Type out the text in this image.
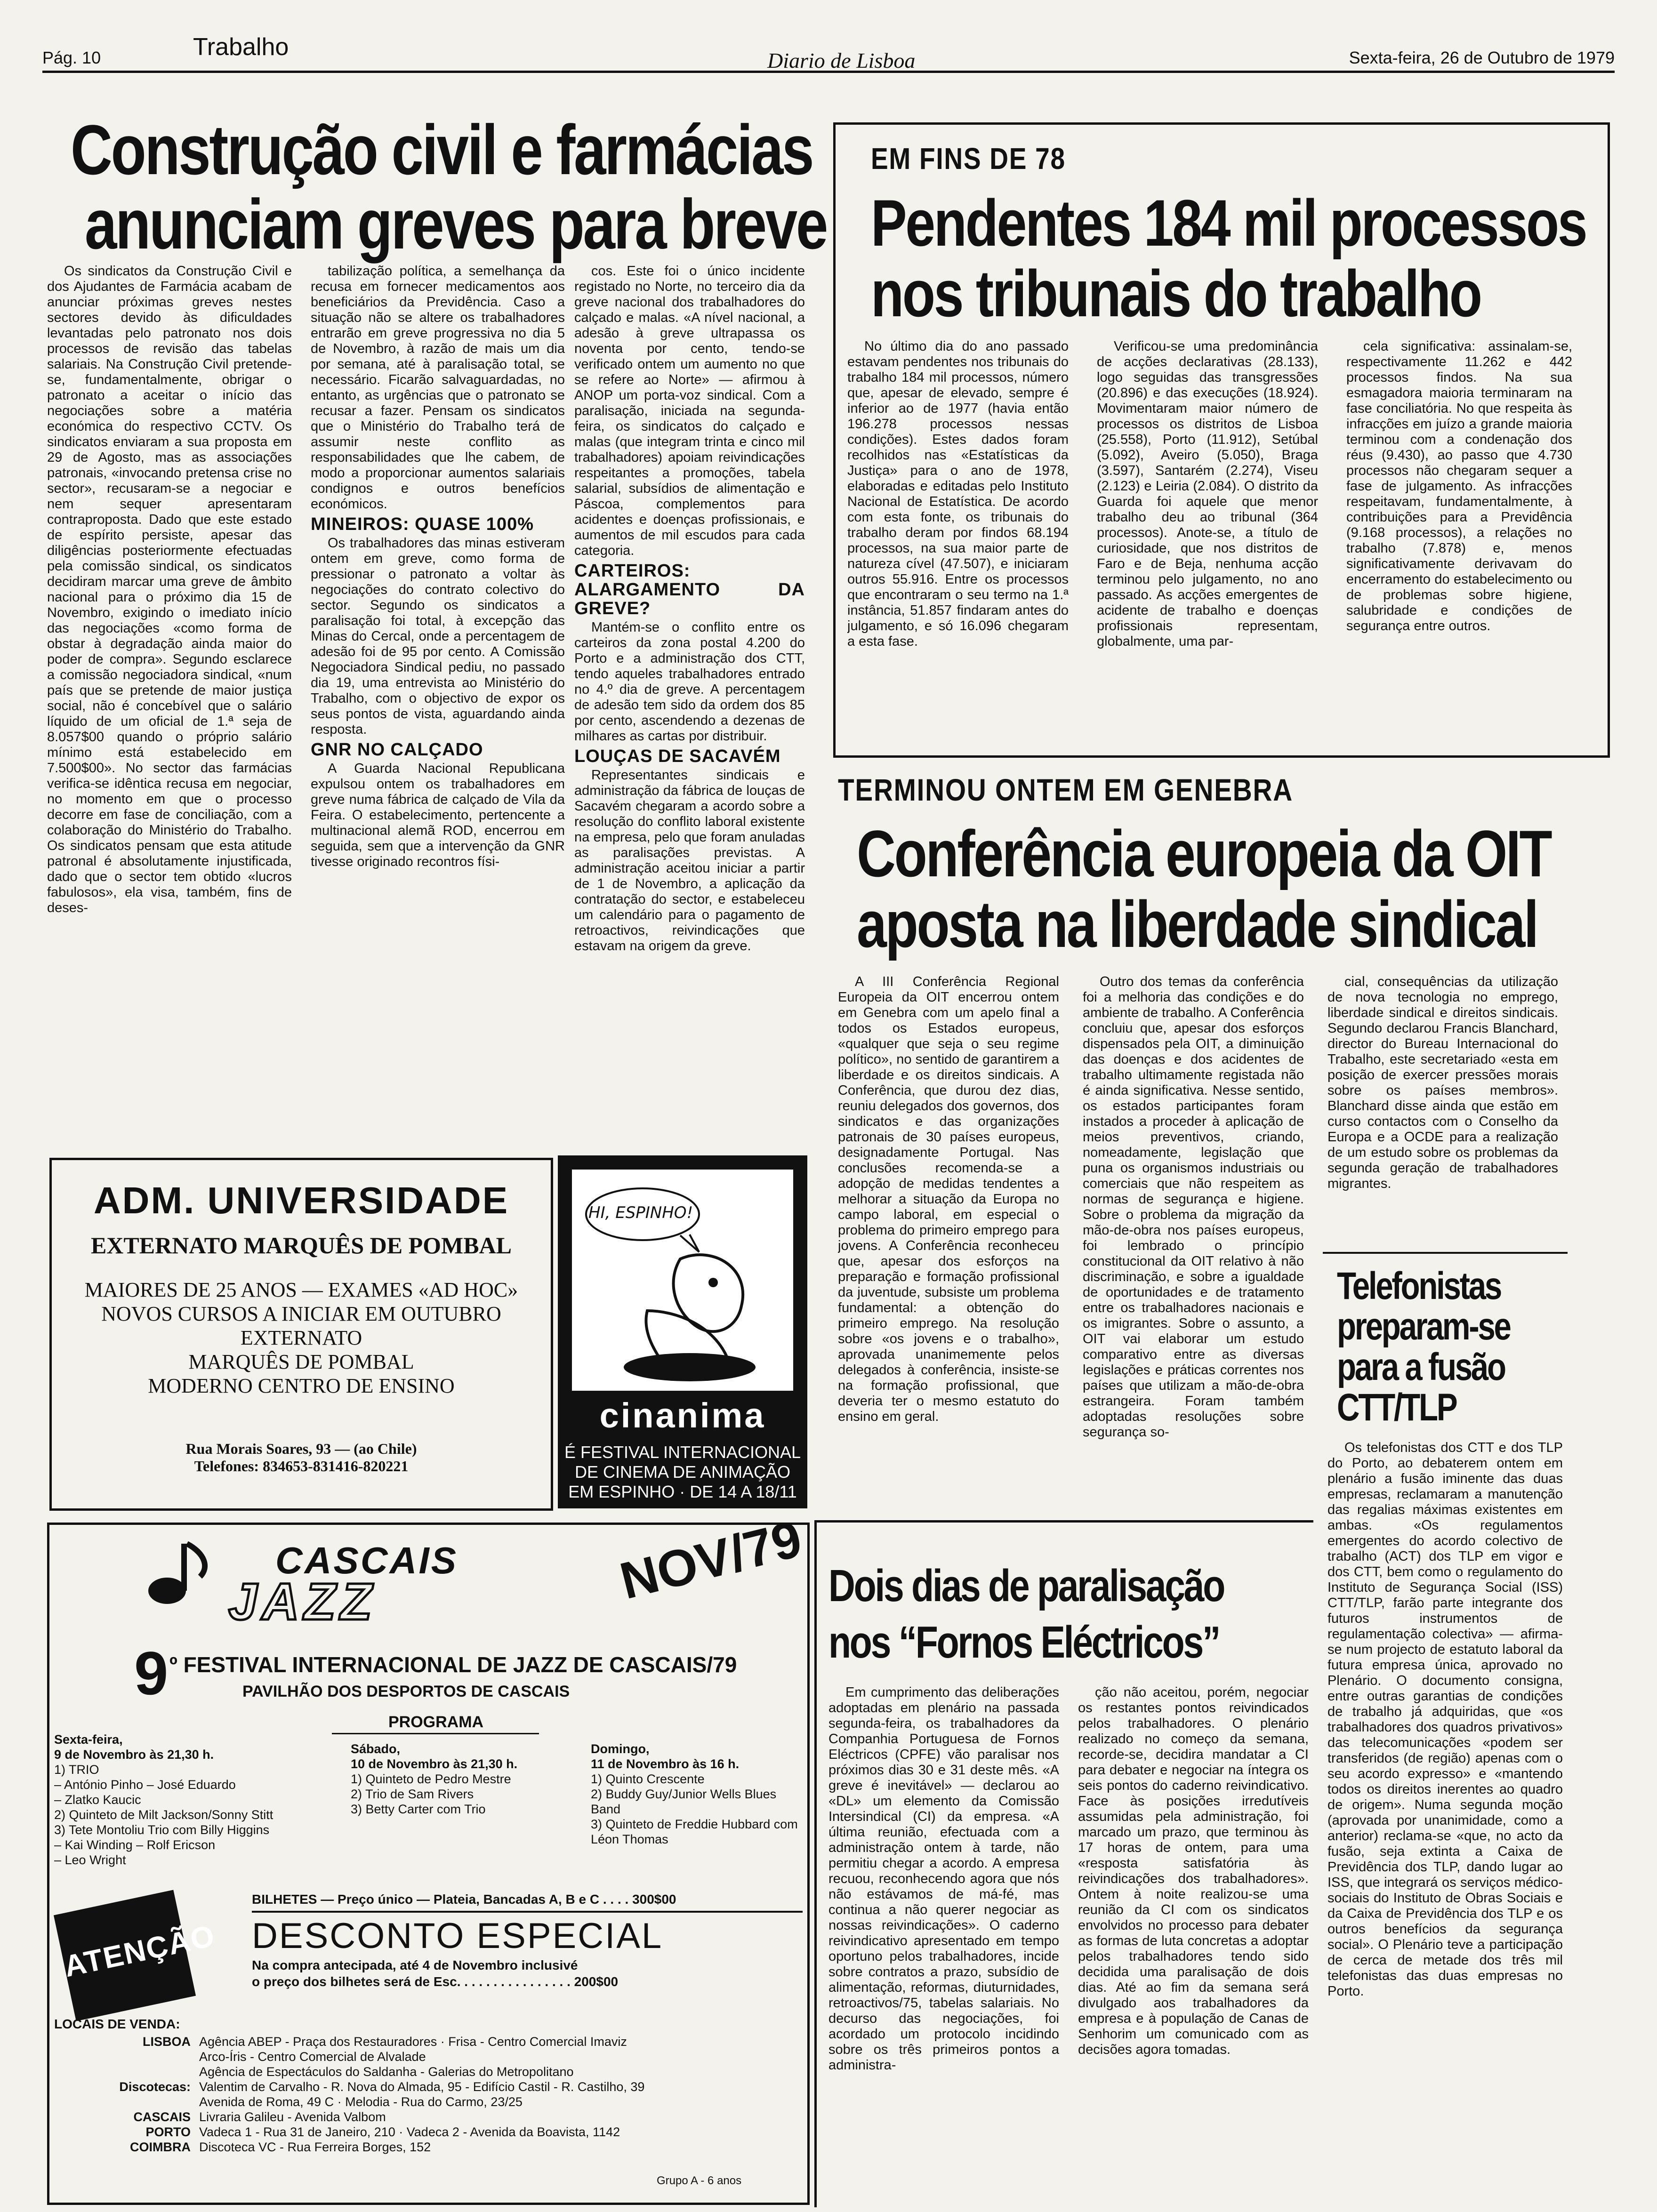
Pág. 10	Trabalho	Diario de Lisboa	Sexta-feira, 26 de Outubro de 1979
Construção civil e farmácias
anunciam greves para breve

Os sindicatos da Construção Civil e dos Ajudantes de Farmácia acabam de anunciar próximas greves nestes sectores devido às dificuldades levantadas pelo patronato nos dois processos de revisão das tabelas salariais. Na Construção Civil pretende-se, fundamentalmente, obrigar o patronato a aceitar o início das negociações sobre a matéria económica do respectivo CCTV. Os sindicatos enviaram a sua proposta em 29 de Agosto, mas as associações patronais, «invocando pretensa crise no sector», recusaram-se a negociar e nem sequer apresentaram contraproposta. Dado que este estado de espírito persiste, apesar das diligências posteriormente efectuadas pela comissão sindical, os sindicatos decidiram marcar uma greve de âmbito nacional para o próximo dia 15 de Novembro, exigindo o imediato início das negociações «como forma de obstar à degradação ainda maior do poder de compra». Segundo esclarece a comissão negociadora sindical, «num país que se pretende de maior justiça social, não é concebível que o salário líquido de um oficial de 1.ª seja de 8.057$00 quando o próprio salário mínimo está estabelecido em 7.500$00». No sector das farmácias verifica-se idêntica recusa em negociar, no momento em que o processo decorre em fase de conciliação, com a colaboração do Ministério do Trabalho. Os sindicatos pensam que esta atitude patronal é absolutamente injustificada, dado que o sector tem obtido «lucros fabulosos», ela visa, também, fins de deses-

tabilização política, a semelhança da recusa em fornecer medicamentos aos beneficiários da Previdência. Caso a situação não se altere os trabalhadores entrarão em greve progressiva no dia 5 de Novembro, à razão de mais um dia por semana, até à paralisação total, se necessário. Ficarão salvaguardadas, no entanto, as urgências que o patronato se recusar a fazer. Pensam os sindicatos que o Ministério do Trabalho terá de assumir neste conflito as responsabilidades que lhe cabem, de modo a proporcionar aumentos salariais condignos e outros benefícios económicos.

MINEIROS: QUASE 100%

Os trabalhadores das minas estiveram ontem em greve, como forma de pressionar o patronato a voltar às negociações do contrato colectivo do sector. Segundo os sindicatos a paralisação foi total, à excepção das Minas do Cercal, onde a percentagem de adesão foi de 95 por cento. A Comissão Negociadora Sindical pediu, no passado dia 19, uma entrevista ao Ministério do Trabalho, com o objectivo de expor os seus pontos de vista, aguardando ainda resposta.

GNR NO CALÇADO

A Guarda Nacional Republicana expulsou ontem os trabalhadores em greve numa fábrica de calçado de Vila da Feira. O estabelecimento, pertencente a multinacional alemã ROD, encerrou em seguida, sem que a intervenção da GNR tivesse originado recontros físi-

cos. Este foi o único incidente registado no Norte, no terceiro dia da greve nacional dos trabalhadores do calçado e malas. «A nível nacional, a adesão à greve ultrapassa os noventa por cento, tendo-se verificado ontem um aumento no que se refere ao Norte» — afirmou à ANOP um porta-voz sindical. Com a paralisação, iniciada na segunda-feira, os sindicatos do calçado e malas (que integram trinta e cinco mil trabalhadores) apoiam reivindicações respeitantes a promoções, tabela salarial, subsídios de alimentação e Páscoa, complementos para acidentes e doenças profissionais, e aumentos de mil escudos para cada categoria.

CARTEIROS: ALARGAMENTO DA GREVE?

Mantém-se o conflito entre os carteiros da zona postal 4.200 do Porto e a administração dos CTT, tendo aqueles trabalhadores entrado no 4.º dia de greve. A percentagem de adesão tem sido da ordem dos 85 por cento, ascendendo a dezenas de milhares as cartas por distribuir.

LOUÇAS DE SACAVÉM

Representantes sindicais e administração da fábrica de louças de Sacavém chegaram a acordo sobre a resolução do conflito laboral existente na empresa, pelo que foram anuladas as paralisações previstas. A administração aceitou iniciar a partir de 1 de Novembro, a aplicação da contratação do sector, e estabeleceu um calendário para o pagamento de retroactivos, reivindicações que estavam na origem da greve.

EM FINS DE 78
Pendentes 184 mil processos
nos tribunais do trabalho

No último dia do ano passado estavam pendentes nos tribunais do trabalho 184 mil processos, número que, apesar de elevado, sempre é inferior ao de 1977 (havia então 196.278 processos nessas condições). Estes dados foram recolhidos nas «Estatísticas da Justiça» para o ano de 1978, elaboradas e editadas pelo Instituto Nacional de Estatística. De acordo com esta fonte, os tribunais do trabalho deram por findos 68.194 processos, na sua maior parte de natureza cível (47.507), e iniciaram outros 55.916. Entre os processos que encontraram o seu termo na 1.ª instância, 51.857 findaram antes do julgamento, e só 16.096 chegaram a esta fase.

Verificou-se uma predominância de acções declarativas (28.133), logo seguidas das transgressões (20.896) e das execuções (18.924). Movimentaram maior número de processos os distritos de Lisboa (25.558), Porto (11.912), Setúbal (5.092), Aveiro (5.050), Braga (3.597), Santarém (2.274), Viseu (2.123) e Leiria (2.084). O distrito da Guarda foi aquele que menor trabalho deu ao tribunal (364 processos). Anote-se, a título de curiosidade, que nos distritos de Faro e de Beja, nenhuma acção terminou pelo julgamento, no ano passado. As acções emergentes de acidente de trabalho e doenças profissionais representam, globalmente, uma par-

cela significativa: assinalam-se, respectivamente 11.262 e 442 processos findos. Na sua esmagadora maioria terminaram na fase conciliatória. No que respeita às infracções em juízo a grande maioria terminou com a condenação dos réus (9.430), ao passo que 4.730 processos não chegaram sequer a fase de julgamento. As infracções respeitavam, fundamentalmente, à contribuições para a Previdência (9.168 processos), a relações no trabalho (7.878) e, menos significativamente derivavam do encerramento do estabelecimento ou de problemas sobre higiene, salubridade e condições de segurança entre outros.

TERMINOU ONTEM EM GENEBRA
Conferência europeia da OIT
aposta na liberdade sindical

A III Conferência Regional Europeia da OIT encerrou ontem em Genebra com um apelo final a todos os Estados europeus, «qualquer que seja o seu regime político», no sentido de garantirem a liberdade e os direitos sindicais. A Conferência, que durou dez dias, reuniu delegados dos governos, dos sindicatos e das organizações patronais de 30 países europeus, designadamente Portugal. Nas conclusões recomenda-se a adopção de medidas tendentes a melhorar a situação da Europa no campo laboral, em especial o problema do primeiro emprego para jovens. A Conferência reconheceu que, apesar dos esforços na preparação e formação profissional da juventude, subsiste um problema fundamental: a obtenção do primeiro emprego. Na resolução sobre «os jovens e o trabalho», aprovada unanimemente pelos delegados à conferência, insiste-se na formação profissional, que deveria ter o mesmo estatuto do ensino em geral.

Outro dos temas da conferência foi a melhoria das condições e do ambiente de trabalho. A Conferência concluiu que, apesar dos esforços dispensados pela OIT, a diminuição das doenças e dos acidentes de trabalho ultimamente registada não é ainda significativa. Nesse sentido, os estados participantes foram instados a proceder à aplicação de meios preventivos, criando, nomeadamente, legislação que puna os organismos industriais ou comerciais que não respeitem as normas de segurança e higiene. Sobre o problema da migração da mão-de-obra nos países europeus, foi lembrado o princípio constitucional da OIT relativo à não discriminação, e sobre a igualdade de oportunidades e de tratamento entre os trabalhadores nacionais e os imigrantes. Sobre o assunto, a OIT vai elaborar um estudo comparativo entre as diversas legislações e práticas correntes nos países que utilizam a mão-de-obra estrangeira. Foram também adoptadas resoluções sobre segurança so-

cial, consequências da utilização de nova tecnologia no emprego, liberdade sindical e direitos sindicais. Segundo declarou Francis Blanchard, director do Bureau Internacional do Trabalho, este secretariado «esta em posição de exercer pressões morais sobre os países membros». Blanchard disse ainda que estão em curso contactos com o Conselho da Europa e a OCDE para a realização de um estudo sobre os problemas da segunda geração de trabalhadores migrantes.

Telefonistas
preparam-se
para a fusão
CTT/TLP

Os telefonistas dos CTT e dos TLP do Porto, ao debaterem ontem em plenário a fusão iminente das duas empresas, reclamaram a manutenção das regalias máximas existentes em ambas. «Os regulamentos emergentes do acordo colectivo de trabalho (ACT) dos TLP em vigor e dos CTT, bem como o regulamento do Instituto de Segurança Social (ISS) CTT/TLP, farão parte integrante dos futuros instrumentos de regulamentação colectiva» — afirma-se num projecto de estatuto laboral da futura empresa única, aprovado no Plenário. O documento consigna, entre outras garantias de condições de trabalho já adquiridas, que «os trabalhadores dos quadros privativos» das telecomunicações «podem ser transferidos (de região) apenas com o seu acordo expresso» e «mantendo todos os direitos inerentes ao quadro de origem». Numa segunda moção (aprovada por unanimidade, como a anterior) reclama-se «que, no acto da fusão, seja extinta a Caixa de Previdência dos TLP, dando lugar ao ISS, que integrará os serviços médico-sociais do Instituto de Obras Sociais e da Caixa de Previdência dos TLP e os outros benefícios da segurança social». O Plenário teve a participação de cerca de metade dos três mil telefonistas das duas empresas no Porto.

Dois dias de paralisação
nos “Fornos Eléctricos”

Em cumprimento das deliberações adoptadas em plenário na passada segunda-feira, os trabalhadores da Companhia Portuguesa de Fornos Eléctricos (CPFE) vão paralisar nos próximos dias 30 e 31 deste mês. «A greve é inevitável» — declarou ao «DL» um elemento da Comissão Intersindical (CI) da empresa. «A última reunião, efectuada com a administração ontem à tarde, não permitiu chegar a acordo. A empresa recuou, reconhecendo agora que nós não estávamos de má-fé, mas continua a não querer negociar as nossas reivindicações». O caderno reivindicativo apresentado em tempo oportuno pelos trabalhadores, incide sobre contratos a prazo, subsídio de alimentação, reformas, diuturnidades, retroactivos/75, tabelas salariais. No decurso das negociações, foi acordado um protocolo incidindo sobre os três primeiros pontos a administra-

ção não aceitou, porém, negociar os restantes pontos reivindicados pelos trabalhadores. O plenário realizado no começo da semana, recorde-se, decidira mandatar a CI para debater e negociar na íntegra os seis pontos do caderno reivindicativo. Face às posições irredutíveis assumidas pela administração, foi marcado um prazo, que terminou às 17 horas de ontem, para uma «resposta satisfatória às reivindicações dos trabalhadores». Ontem à noite realizou-se uma reunião da CI com os sindicatos envolvidos no processo para debater as formas de luta concretas a adoptar pelos trabalhadores tendo sido decidida uma paralisação de dois dias. Até ao fim da semana será divulgado aos trabalhadores da empresa e à população de Canas de Senhorim um comunicado com as decisões agora tomadas.

ADM. UNIVERSIDADE
EXTERNATO MARQUÊS DE POMBAL
MAIORES DE 25 ANOS — EXAMES «AD HOC»
NOVOS CURSOS A INICIAR EM OUTUBRO
EXTERNATO
MARQUÊS DE POMBAL
MODERNO CENTRO DE ENSINO
Rua Morais Soares, 93 — (ao Chile)
Telefones: 834653-831416-820221
HI, ESPINHO!
cinanima
É FESTIVAL INTERNACIONAL
DE CINEMA DE ANIMAÇÃO
EM ESPINHO · DE 14 A 18/11
CASCAIS
JAZZ	NOV/79
9 º FESTIVAL INTERNACIONAL DE JAZZ DE CASCAIS/79
PAVILHÃO DOS DESPORTOS DE CASCAIS
PROGRAMA
Sexta-feira,
9 de Novembro às 21,30 h.
1) TRIO
– António Pinho – José Eduardo
– Zlatko Kaucic
2) Quinteto de Milt Jackson/Sonny Stitt
3) Tete Montoliu Trio com Billy Higgins
– Kai Winding – Rolf Ericson
– Leo Wright
Sábado,
10 de Novembro às 21,30 h.
1) Quinteto de Pedro Mestre
2) Trio de Sam Rivers
3) Betty Carter com Trio
Domingo,
11 de Novembro às 16 h.
1) Quinto Crescente
2) Buddy Guy/Junior Wells Blues Band
3) Quinteto de Freddie Hubbard com Léon Thomas
ATENÇÃO
BILHETES — Preço único — Plateia, Bancadas A, B e C . . . . 300$00
DESCONTO ESPECIAL
Na compra antecipada, até 4 de Novembro inclusivé
o preço dos bilhetes será de Esc. . . . . . . . . . . . . . . . 200$00
LOCAIS DE VENDA:
LISBOA Agência ABEP - Praça dos Restauradores · Frisa - Centro Comercial Imaviz
Arco-Íris - Centro Comercial de Alvalade
Agência de Espectáculos do Saldanha - Galerias do Metropolitano
Discotecas: Valentim de Carvalho - R. Nova do Almada, 95 - Edifício Castil - R. Castilho, 39
Avenida de Roma, 49 C · Melodia - Rua do Carmo, 23/25
CASCAIS Livraria Galileu - Avenida Valbom
PORTO Vadeca 1 - Rua 31 de Janeiro, 210 · Vadeca 2 - Avenida da Boavista, 1142
COIMBRA Discoteca VC - Rua Ferreira Borges, 152
Grupo A - 6 anos
